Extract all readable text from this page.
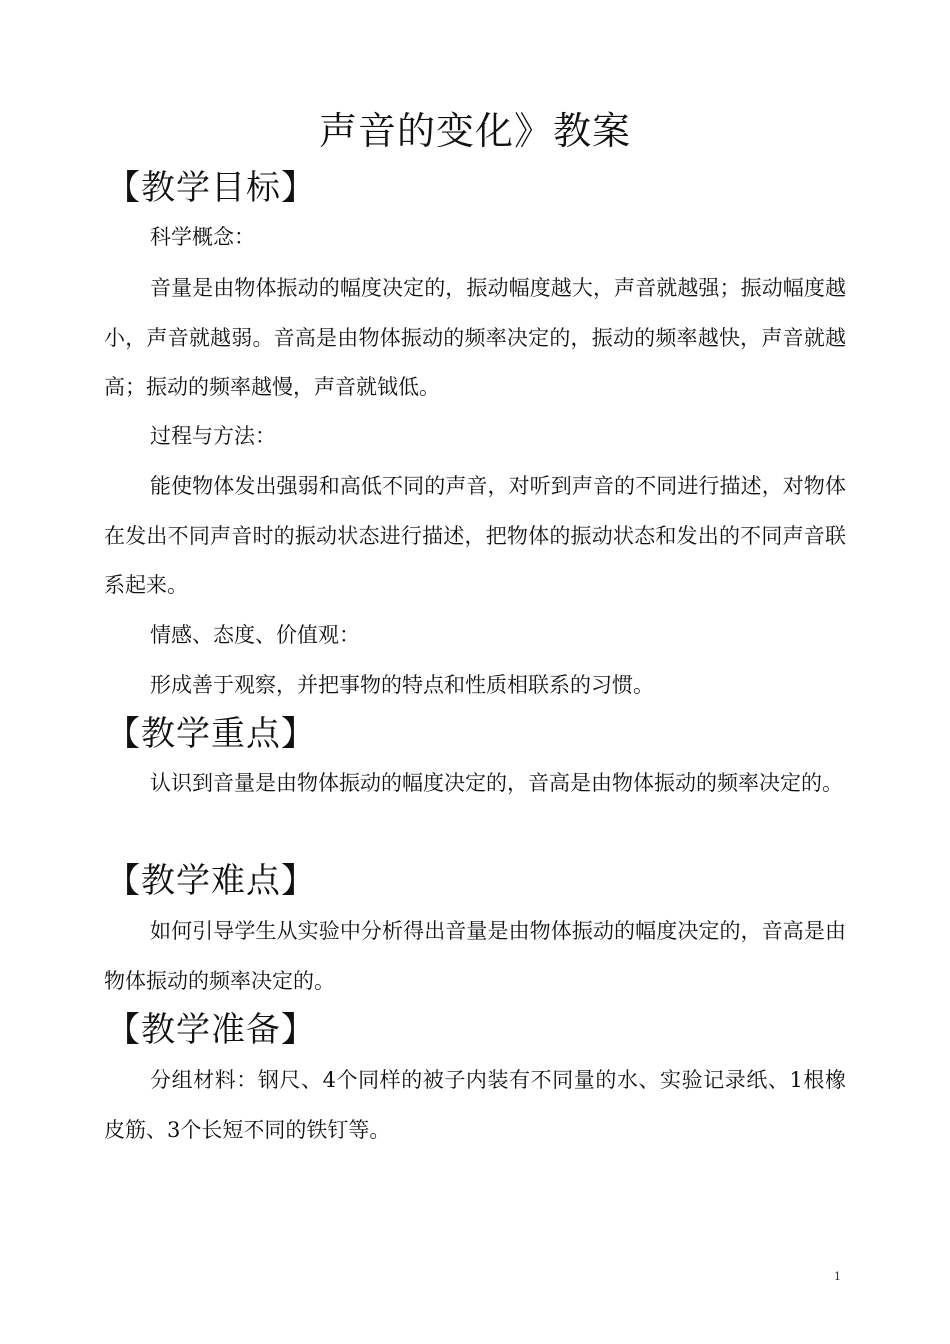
声音的变化》教案
【教学目标】

科学概念：

音量是由物体振动的幅度决定的，振动幅度越大，声音就越强；振动幅度越小，声音就越弱。音高是由物体振动的频率决定的，振动的频率越快，声音就越高；振动的频率越慢，声音就钺低。

过程与方法：

能使物体发出强弱和高低不同的声音，对听到声音的不同进行描述，对物体在发出不同声音时的振动状态进行描述，把物体的振动状态和发出的不同声音联系起来。

情感、态度、价值观：

形成善于观察，并把事物的特点和性质相联系的习惯。

【教学重点】

认识到音量是由物体振动的幅度决定的，音高是由物体振动的频率决定的。

【教学难点】

如何引导学生从实验中分析得出音量是由物体振动的幅度决定的，音高是由物体振动的频率决定的。

【教学准备】

分组材料：钢尺、4个同样的被子内装有不同量的水、实验记录纸、1根橡皮筋、3个长短不同的铁钉等。

1
